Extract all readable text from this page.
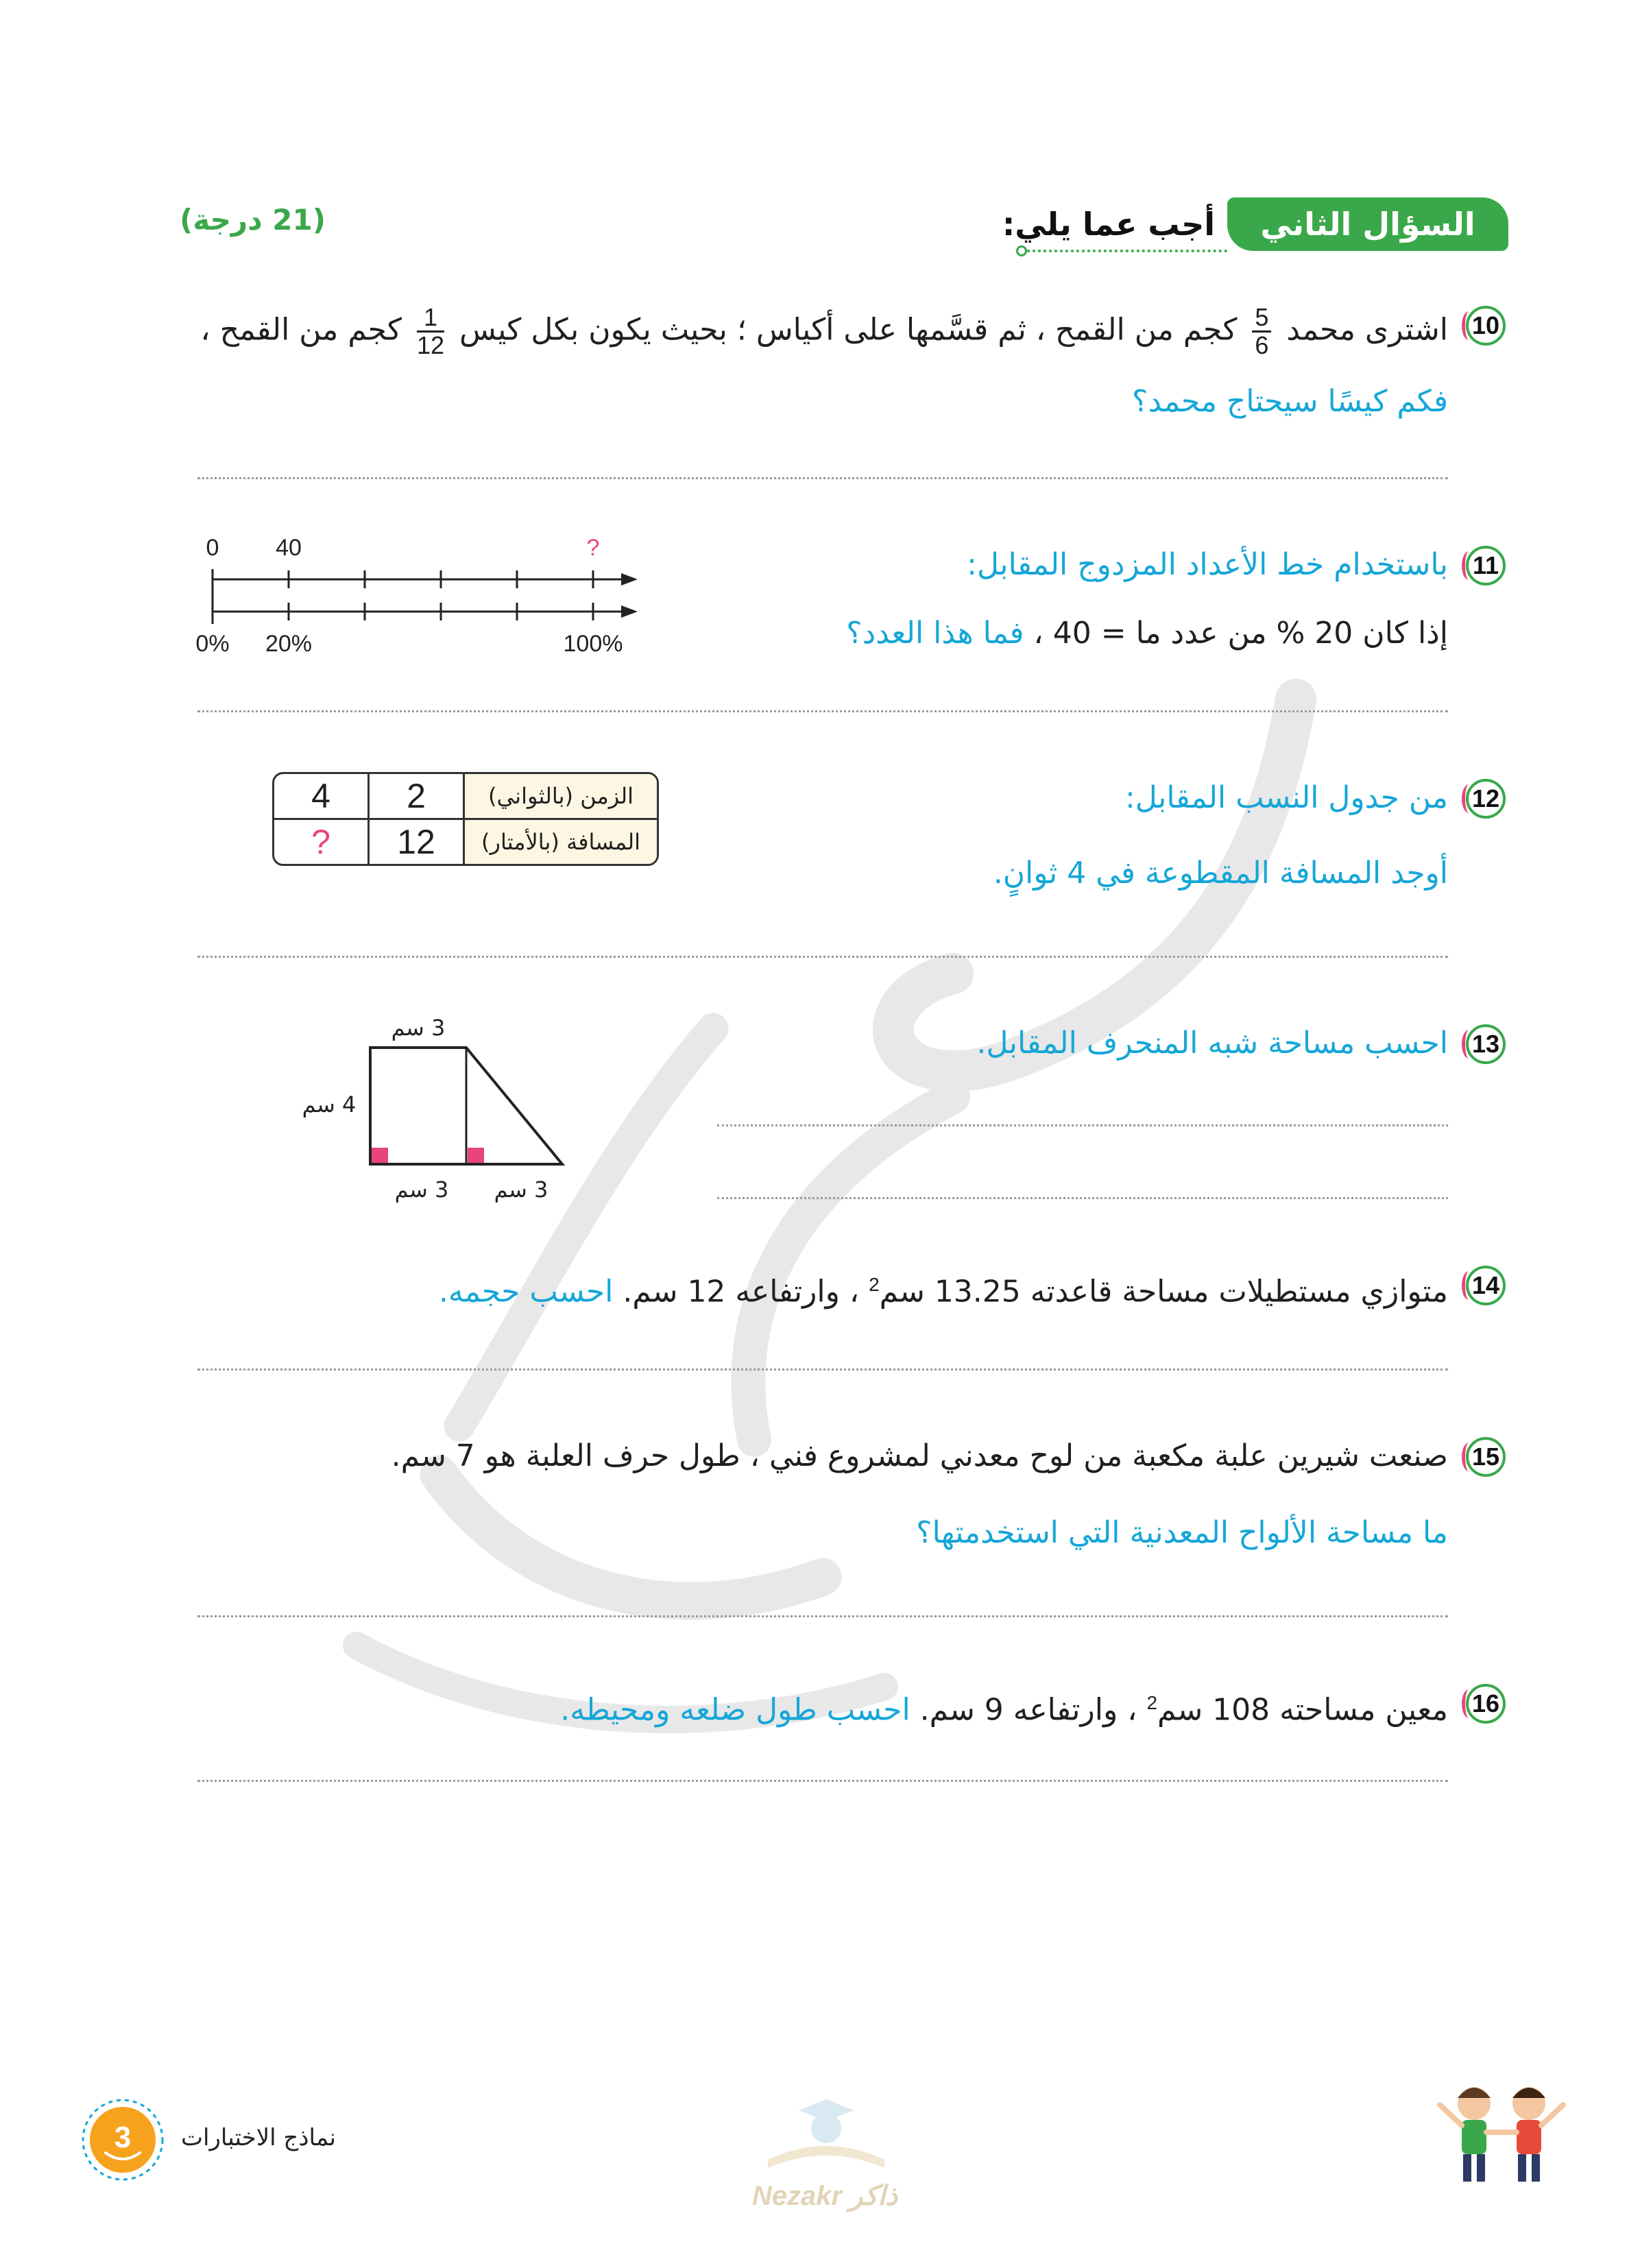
السؤال الثاني
أجب عما يلي:
(21 درجة)
10
اشترى محمد
$\frac{5}{6}$
كجم من القمح ، ثم قسَّمها على أكياس ؛ بحيث يكون بكل كيس
$\frac{1}{12}$
كجم من القمح ،
فكم كيسًا سيحتاج محمد؟
11
باستخدام خط الأعداد المزدوج المقابل:
إذا كان 20 % من عدد ما = 40 ، فما هذا العدد؟
0 40	?
0% 20%	100%
12
من جدول النسب المقابل:
أوجد المسافة المقطوعة في 4 ثوانٍ.
4	2	الزمن (بالثواني)
?	12	المسافة (بالأمتار)
13
احسب مساحة شبه المنحرف المقابل.
3 سم
4 سم
3 سم 3 سم
14
متوازي مستطيلات مساحة قاعدته 13.25 سم$^2$ ، وارتفاعه 12 سم. احسب حجمه.
15
صنعت شيرين علبة مكعبة من لوح معدني لمشروع فني ، طول حرف العلبة هو 7 سم.
ما مساحة الألواح المعدنية التي استخدمتها؟
16
معين مساحته 108 سم$^2$ ، وارتفاعه 9 سم. احسب طول ضلعه ومحيطه.
3 نماذج الاختبارات
Nezakr ذاكر
